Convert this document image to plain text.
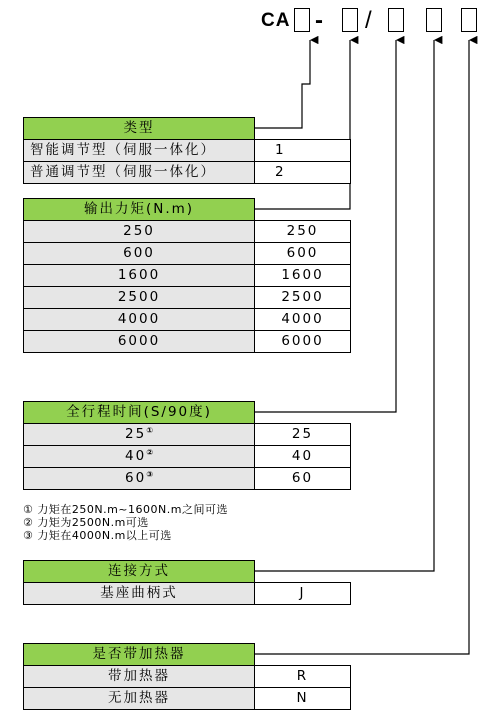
CA - /
类型	
智能调节型（伺服一体化）	1
普通调节型（伺服一体化）	2
输出力矩(N.m)	
250	250
600	600
1600	1600
2500	2500
4000	4000
6000	6000
全行程时间(S/90度)	
25①	25
40②	40
60③	60
① 力矩在250N.m~1600N.m之间可选
② 力矩为2500N.m可选
③ 力矩在4000N.m以上可选
连接方式	
基座曲柄式	J
是否带加热器	
带加热器	R
无加热器	N
